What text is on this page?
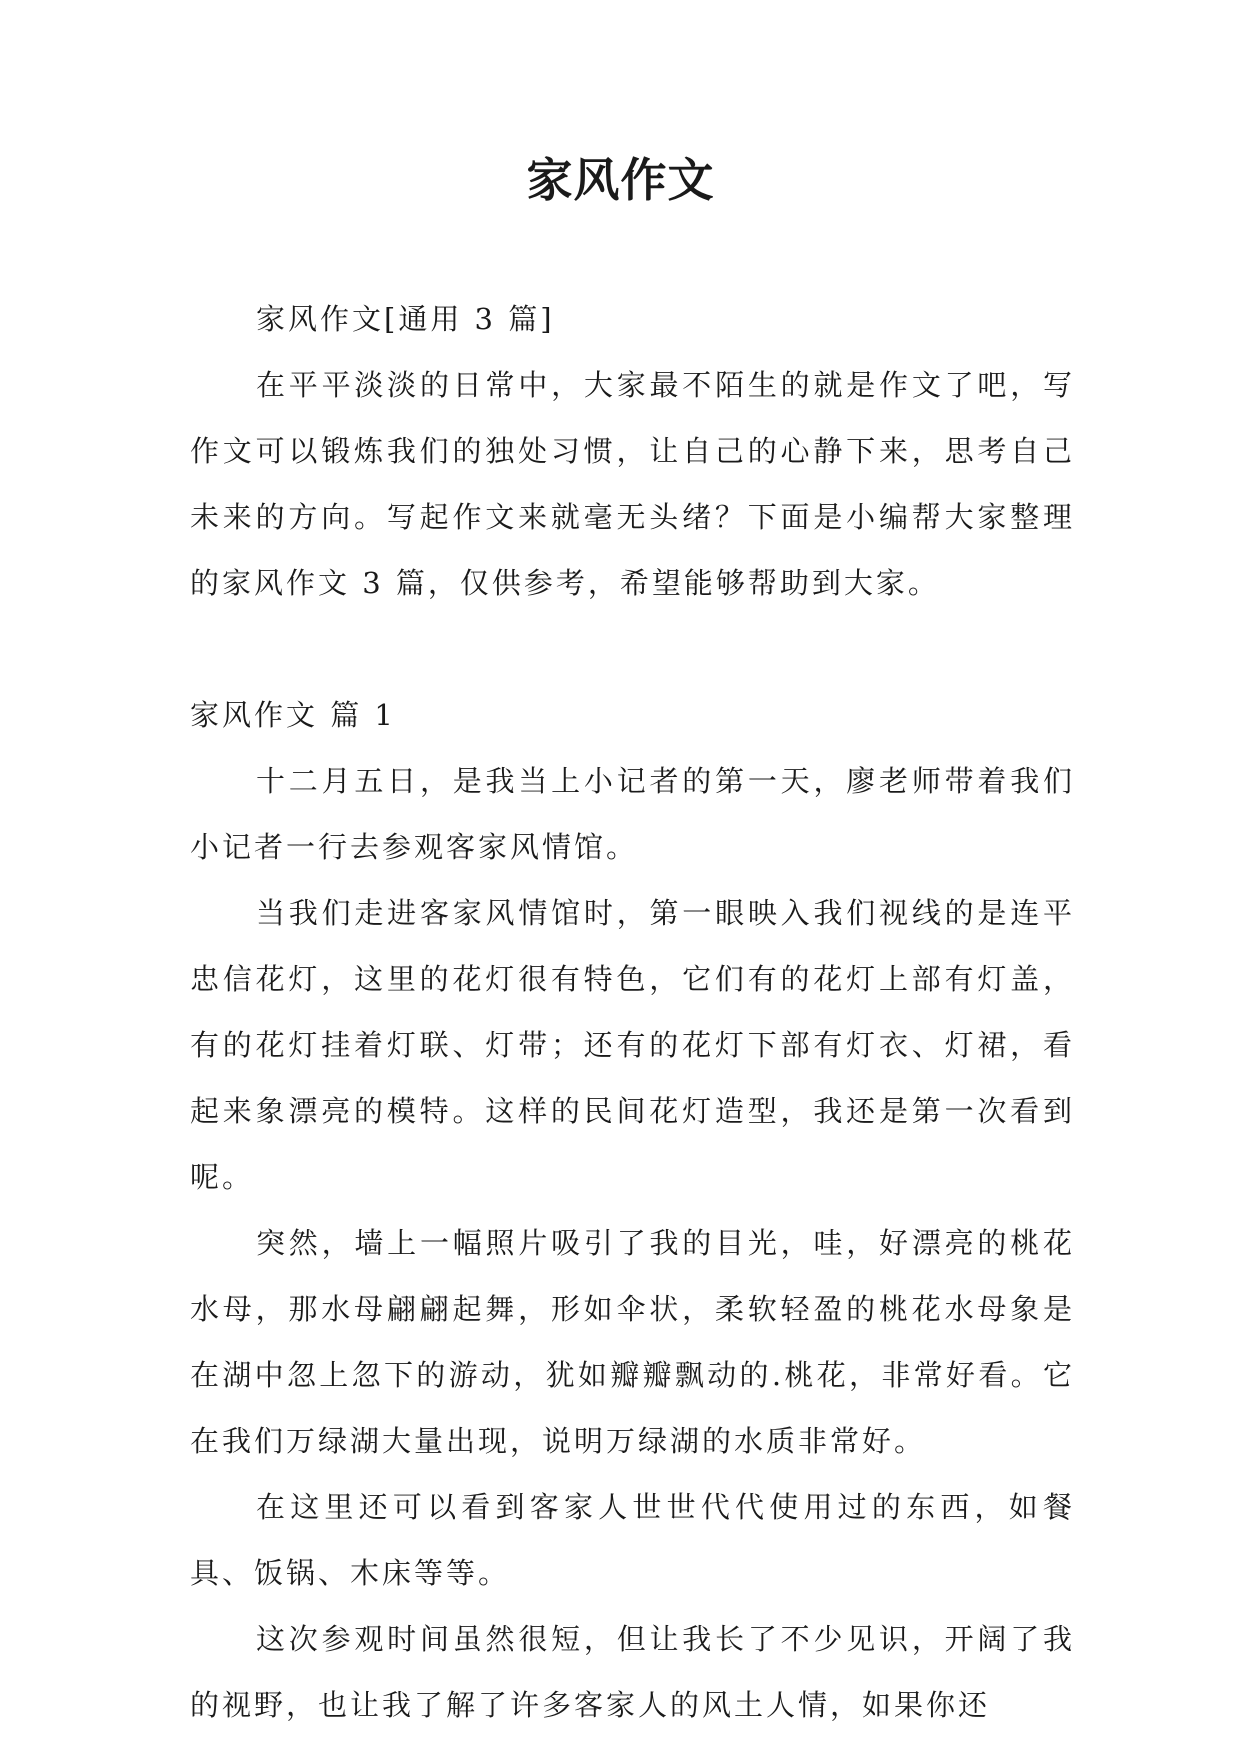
家风作文

家风作文[通用 3 篇]

在平平淡淡的日常中，大家最不陌生的就是作文了吧，写作文可以锻炼我们的独处习惯，让自己的心静下来，思考自己未来的方向。写起作文来就毫无头绪？下面是小编帮大家整理的家风作文 3 篇，仅供参考，希望能够帮助到大家。

家风作文 篇 1

十二月五日，是我当上小记者的第一天，廖老师带着我们小记者一行去参观客家风情馆。

当我们走进客家风情馆时，第一眼映入我们视线的是连平忠信花灯，这里的花灯很有特色，它们有的花灯上部有灯盖，有的花灯挂着灯联、灯带；还有的花灯下部有灯衣、灯裙，看起来象漂亮的模特。这样的民间花灯造型，我还是第一次看到呢。

突然，墙上一幅照片吸引了我的目光，哇，好漂亮的桃花水母，那水母翩翩起舞，形如伞状，柔软轻盈的桃花水母象是在湖中忽上忽下的游动，犹如瓣瓣飘动的.桃花，非常好看。它在我们万绿湖大量出现，说明万绿湖的水质非常好。

在这里还可以看到客家人世世代代使用过的东西，如餐具、饭锅、木床等等。

这次参观时间虽然很短，但让我长了不少见识，开阔了我的视野，也让我了解了许多客家人的风土人情，如果你还
